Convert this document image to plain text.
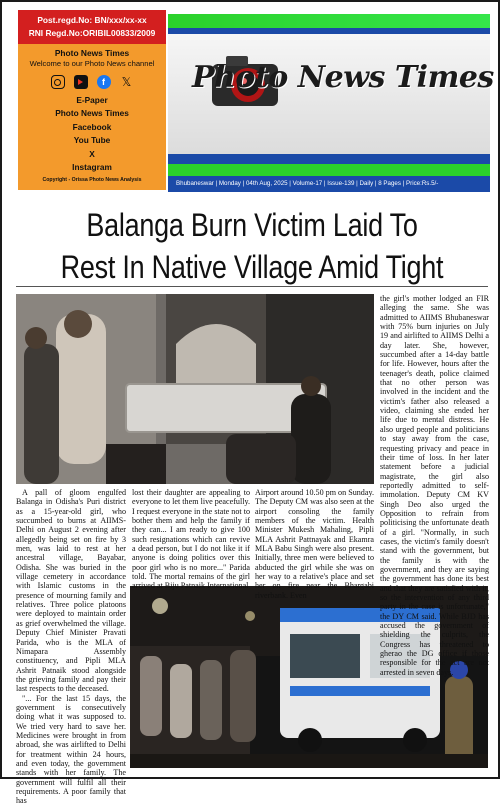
Post.regd.No: BN/xxx/xx-xx
RNI Regd.No:ORIBIL00833/2009
Photo News Times
Welcome to our Photo News channel
f	𝕏
E-Paper
Photo News Times
Facebook
You Tube
X
Instagram
Copyright - Orissa Photo News Analysis
Photo News Times
Bhubaneswar | Monday | 04th Aug, 2025 | Volume-17 | Issue-139 | Daily | 8 Pages | Price:Rs.5/-
Balanga Burn Victim Laid To Rest In Native Village Amid Tight

A pall of gloom engulfed Balanga in Odisha's Puri district as a 15-year-old girl, who succumbed to burns at AIIMS-Delhi on August 2 evening after allegedly being set on fire by 3 men, was laid to rest at her ancestral village, Bayabar, Odisha. She was buried in the village cemetery in accordance with Islamic customs in the presence of mourning family and relatives. Three police platoons were deployed to maintain order as grief overwhelmed the village. Deputy Chief Minister Pravati Parida, who is the MLA of Nimapara Assembly constituency, and Pipli MLA Ashrit Patnaik stood alongside the grieving family and pay their last respects to the deceased.

"... For the last 15 days, the government is consecutively doing what it was supposed to. We tried very hard to save her. Medicines were brought in from abroad, she was airlifted to Delhi for treatment within 24 hours, and even today, the government stands with her family. The government will fulfil all their requirements. A poor family that has

lost their daughter are appealing to everyone to let them live peacefully. I request everyone in the state not to bother them and help the family if they can... I am ready to give 100 such resignations which can revive a dead person, but I do not like it if anyone is doing politics over this poor girl who is no more..." Parida told. The mortal remains of the girl arrived at Biju Patnaik International

Airport around 10.50 pm on Sunday. The Deputy CM was also seen at the airport consoling the family members of the victim. Health Minister Mukesh Mahaling, Pipli MLA Ashrit Pattnayak and Ekamra MLA Babu Singh were also present. Initially, three men were believed to abducted the girl while she was on her way to a relative's place and set her on fire near the Bhargabi riverbank. Even

the girl's mother lodged an FIR alleging the same. She was admitted to AIIMS Bhubaneswar with 75% burn injuries on July 19 and airlifted to AIIMS Delhi a day later. She, however, succumbed after a 14-day battle for life. However, hours after the teenager's death, police claimed that no other person was involved in the incident and the victim's father also released a video, claiming she ended her life due to mental distress. He also urged people and politicians to stay away from the case, requesting privacy and peace in their time of loss. In her later statement before a judicial magistrate, the girl also reportedly admitted to self-immolation. Deputy CM KV Singh Deo also urged the Opposition to refrain from politicising the unfortunate death of a girl. "Normally, in such cases, the victim's family doesn't stand with the government, but the family is with the government, and they are saying the government has done its best and that they are satisfied with it, so the intervention of any third party in the case is unfortunate," the DY CM said. While BJD has accused the government of shielding the culprits, the Congress has threatened to gherao the DG office if those responsible for the act are not arrested in seven days.
